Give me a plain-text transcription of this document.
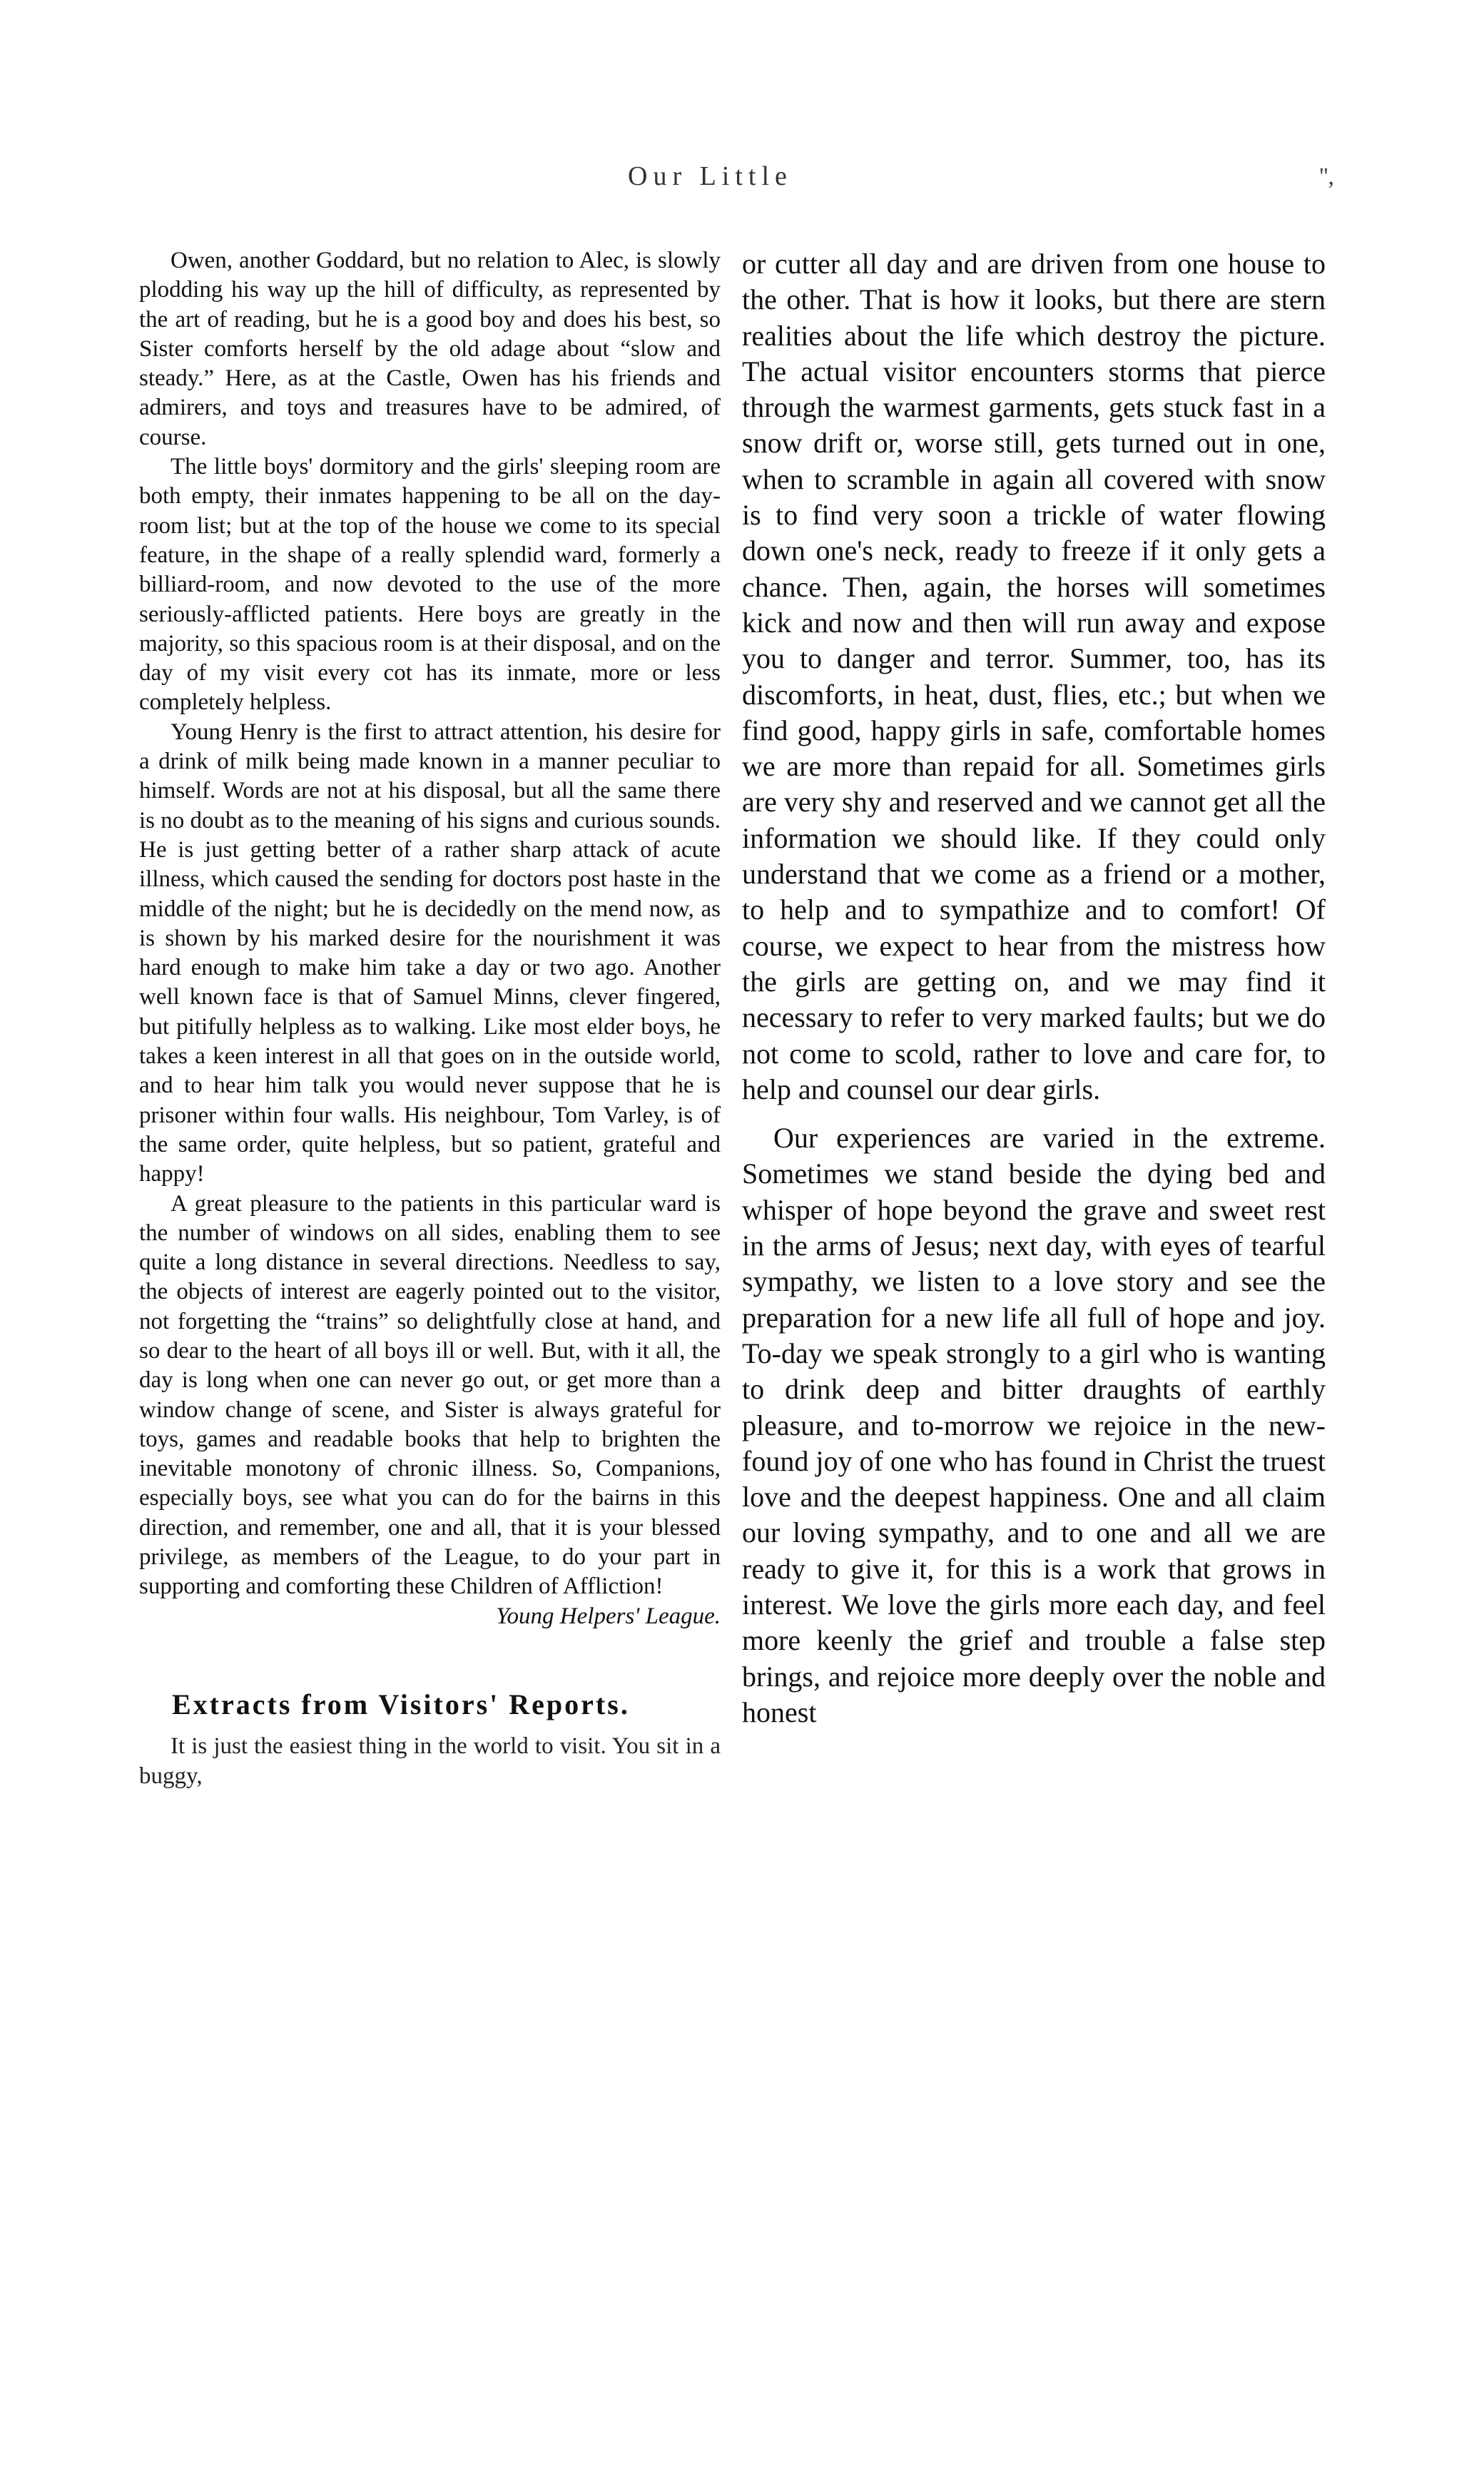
Our Little	'',

Owen, another Goddard, but no relation to Alec, is slowly plodding his way up the hill of difficulty, as represented by the art of reading, but he is a good boy and does his best, so Sister comforts herself by the old adage about “slow and steady.” Here, as at the Castle, Owen has his friends and admirers, and toys and treasures have to be admired, of course.

The little boys' dormitory and the girls' sleeping room are both empty, their inmates happening to be all on the day-room list; but at the top of the house we come to its special feature, in the shape of a really splendid ward, formerly a billiard-room, and now devoted to the use of the more seriously-afflicted patients. Here boys are greatly in the majority, so this spacious room is at their disposal, and on the day of my visit every cot has its inmate, more or less completely helpless.

Young Henry is the first to attract attention, his desire for a drink of milk being made known in a manner peculiar to himself. Words are not at his disposal, but all the same there is no doubt as to the meaning of his signs and curious sounds. He is just getting better of a rather sharp attack of acute illness, which caused the sending for doctors post haste in the middle of the night; but he is decidedly on the mend now, as is shown by his marked desire for the nourishment it was hard enough to make him take a day or two ago. Another well known face is that of Samuel Minns, clever fingered, but pitifully helpless as to walking. Like most elder boys, he takes a keen interest in all that goes on in the outside world, and to hear him talk you would never suppose that he is prisoner within four walls. His neighbour, Tom Varley, is of the same order, quite helpless, but so patient, grateful and happy!

A great pleasure to the patients in this particular ward is the number of windows on all sides, enabling them to see quite a long distance in several directions. Needless to say, the objects of interest are eagerly pointed out to the visitor, not forgetting the “trains” so delightfully close at hand, and so dear to the heart of all boys ill or well. But, with it all, the day is long when one can never go out, or get more than a window change of scene, and Sister is always grateful for toys, games and readable books that help to brighten the inevitable monotony of chronic illness. So, Companions, especially boys, see what you can do for the bairns in this direction, and remember, one and all, that it is your blessed privilege, as members of the League, to do your part in supporting and comforting these Children of Affliction!

Young Helpers' League.

Extracts from Visitors' Reports.

It is just the easiest thing in the world to visit. You sit in a buggy,

or cutter all day and are driven from one house to the other. That is how it looks, but there are stern realities about the life which destroy the picture. The actual visitor encounters storms that pierce through the warmest garments, gets stuck fast in a snow drift or, worse still, gets turned out in one, when to scramble in again all covered with snow is to find very soon a trickle of water flowing down one's neck, ready to freeze if it only gets a chance. Then, again, the horses will sometimes kick and now and then will run away and expose you to danger and terror. Summer, too, has its discomforts, in heat, dust, flies, etc.; but when we find good, happy girls in safe, comfortable homes we are more than repaid for all. Sometimes girls are very shy and reserved and we cannot get all the information we should like. If they could only understand that we come as a friend or a mother, to help and to sympathize and to comfort! Of course, we expect to hear from the mistress how the girls are getting on, and we may find it necessary to refer to very marked faults; but we do not come to scold, rather to love and care for, to help and counsel our dear girls.

Our experiences are varied in the extreme. Sometimes we stand beside the dying bed and whisper of hope beyond the grave and sweet rest in the arms of Jesus; next day, with eyes of tearful sympathy, we listen to a love story and see the preparation for a new life all full of hope and joy. To-day we speak strongly to a girl who is wanting to drink deep and bitter draughts of earthly pleasure, and to-morrow we rejoice in the new-found joy of one who has found in Christ the truest love and the deepest happiness. One and all claim our loving sympathy, and to one and all we are ready to give it, for this is a work that grows in interest. We love the girls more each day, and feel more keenly the grief and trouble a false step brings, and rejoice more deeply over the noble and honest
